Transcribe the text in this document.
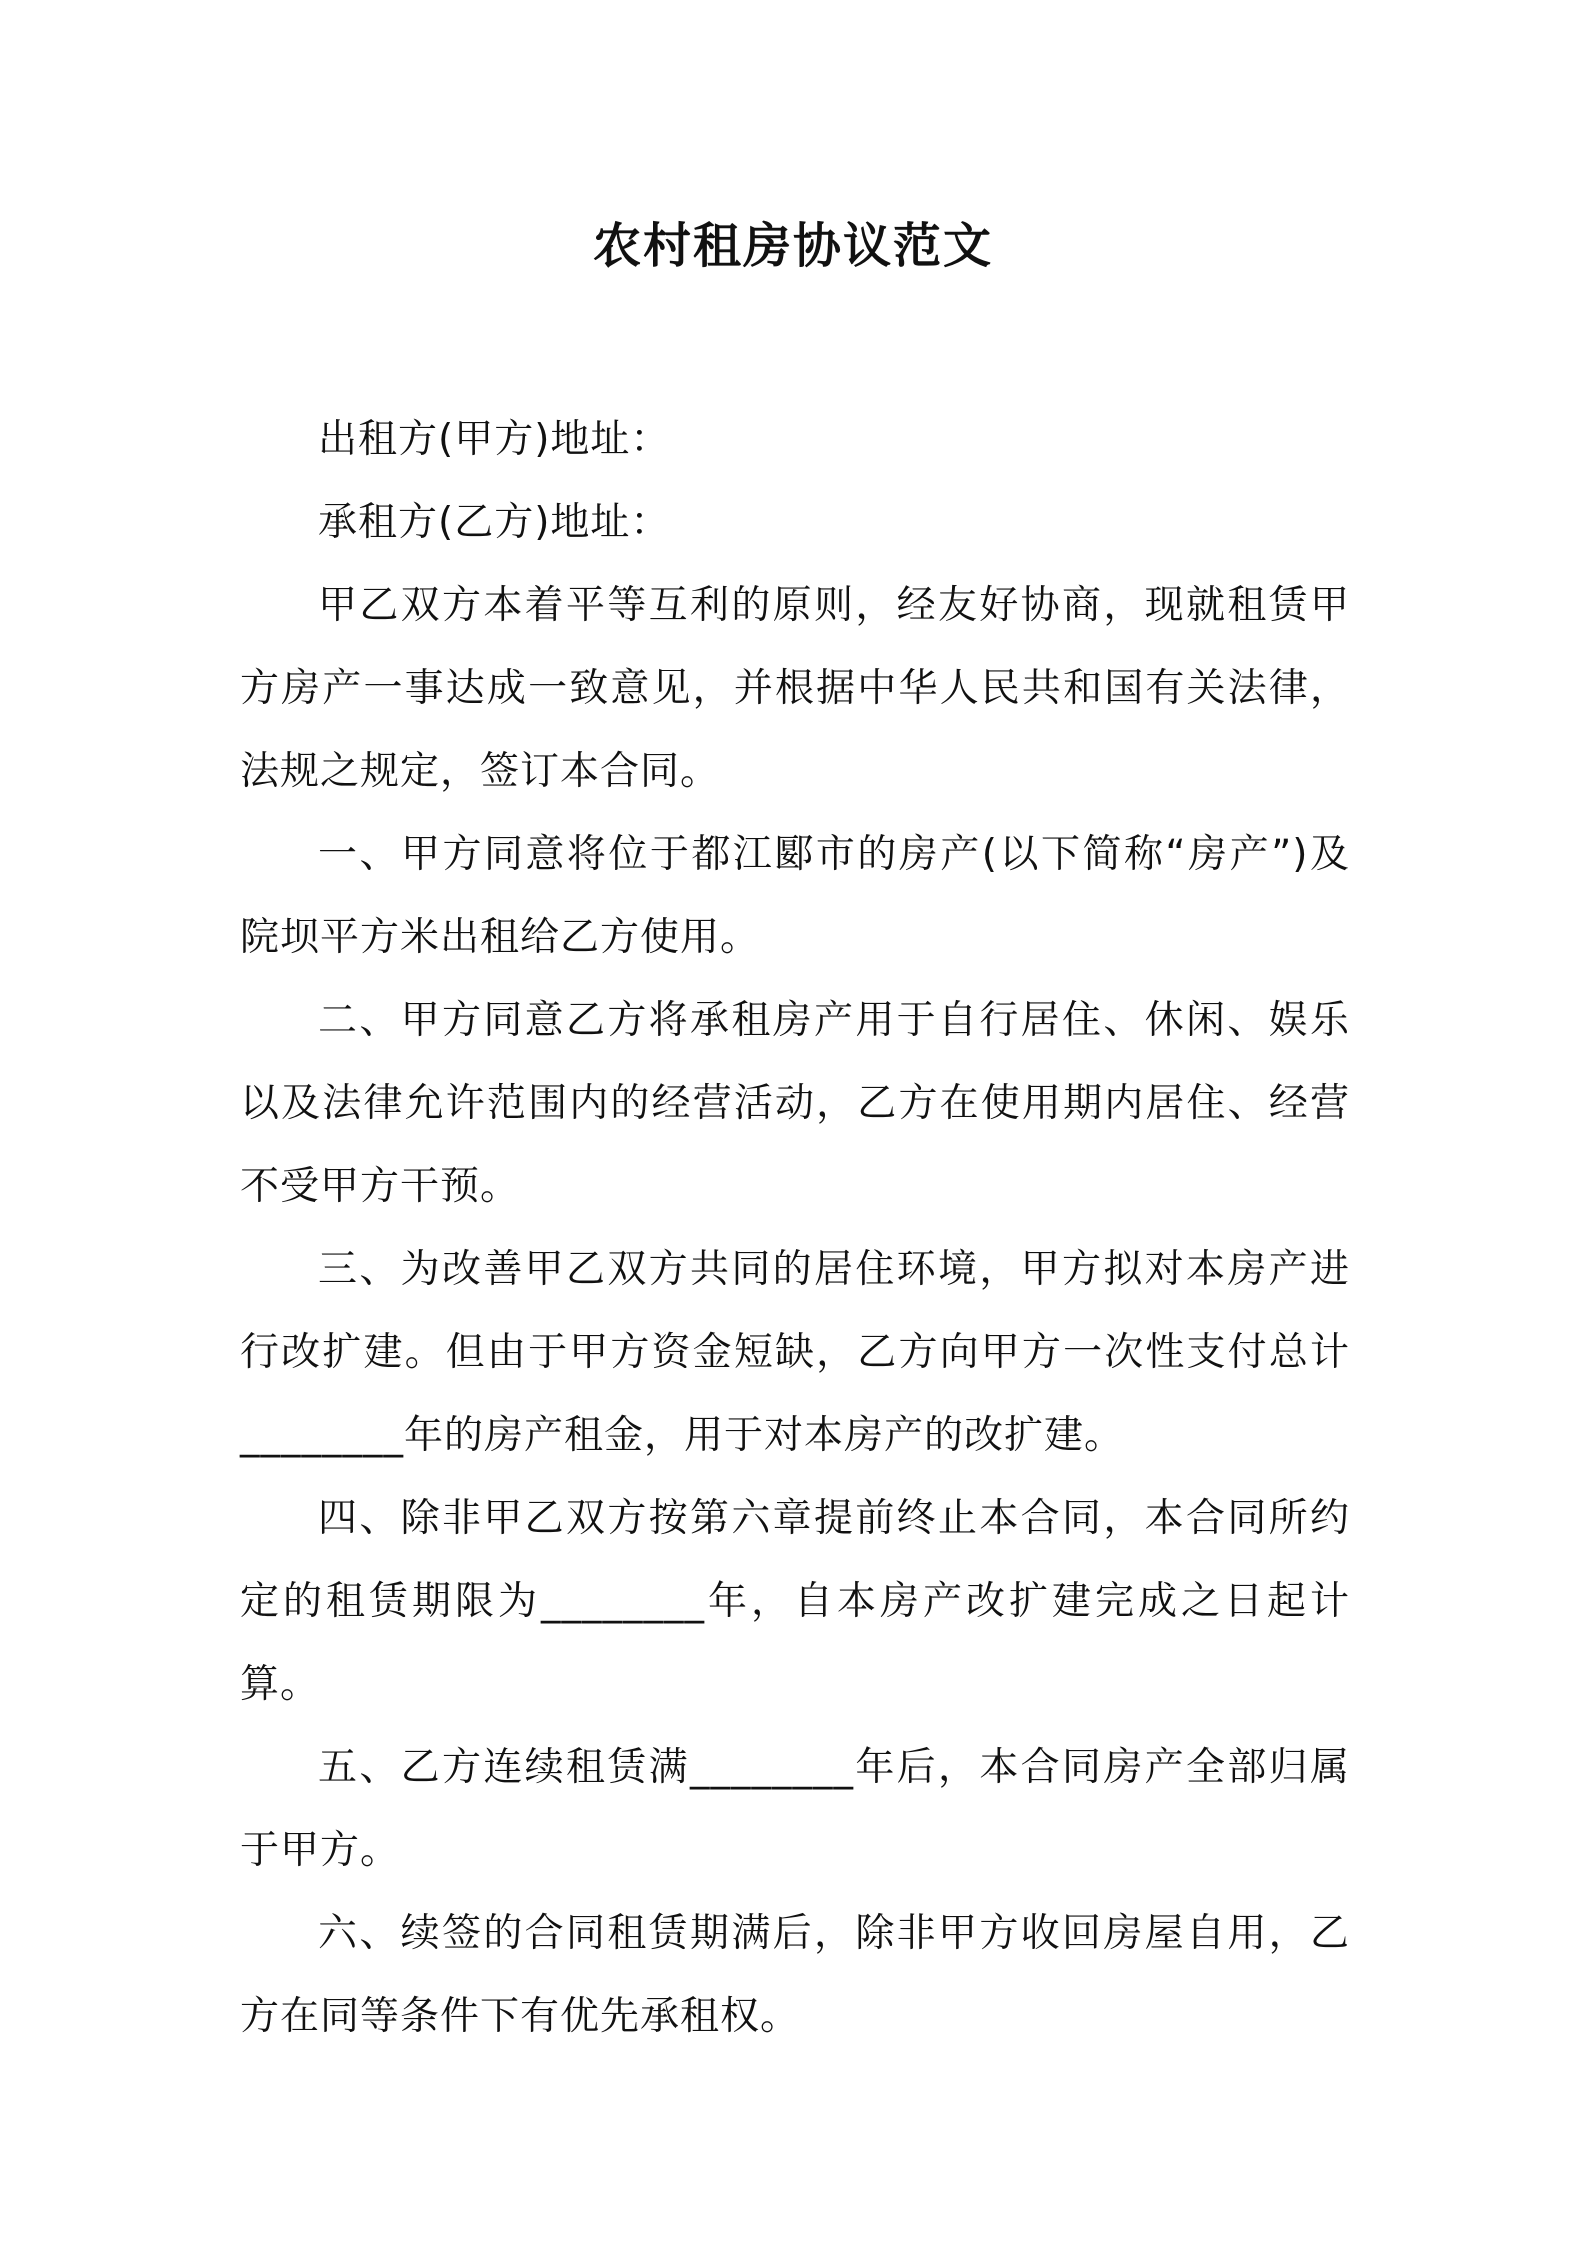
农村租房协议范文

出租方(甲方)地址：

承租方(乙方)地址：

甲乙双方本着平等互利的原则，经友好协商，现就租赁甲方房产一事达成一致意见，并根据中华人民共和国有关法律，法规之规定，签订本合同。

一、甲方同意将位于都江郾市的房产(以下简称“房产”)及院坝平方米出租给乙方使用。

二、甲方同意乙方将承租房产用于自行居住、休闲、娱乐以及法律允许范围内的经营活动，乙方在使用期内居住、经营不受甲方干预。

三、为改善甲乙双方共同的居住环境，甲方拟对本房产进行改扩建。但由于甲方资金短缺，乙方向甲方一次性支付总计________年的房产租金，用于对本房产的改扩建。

四、除非甲乙双方按第六章提前终止本合同，本合同所约定的租赁期限为________年，自本房产改扩建完成之日起计算。

五、乙方连续租赁满________年后，本合同房产全部归属于甲方。

六、续签的合同租赁期满后，除非甲方收回房屋自用，乙方在同等条件下有优先承租权。
